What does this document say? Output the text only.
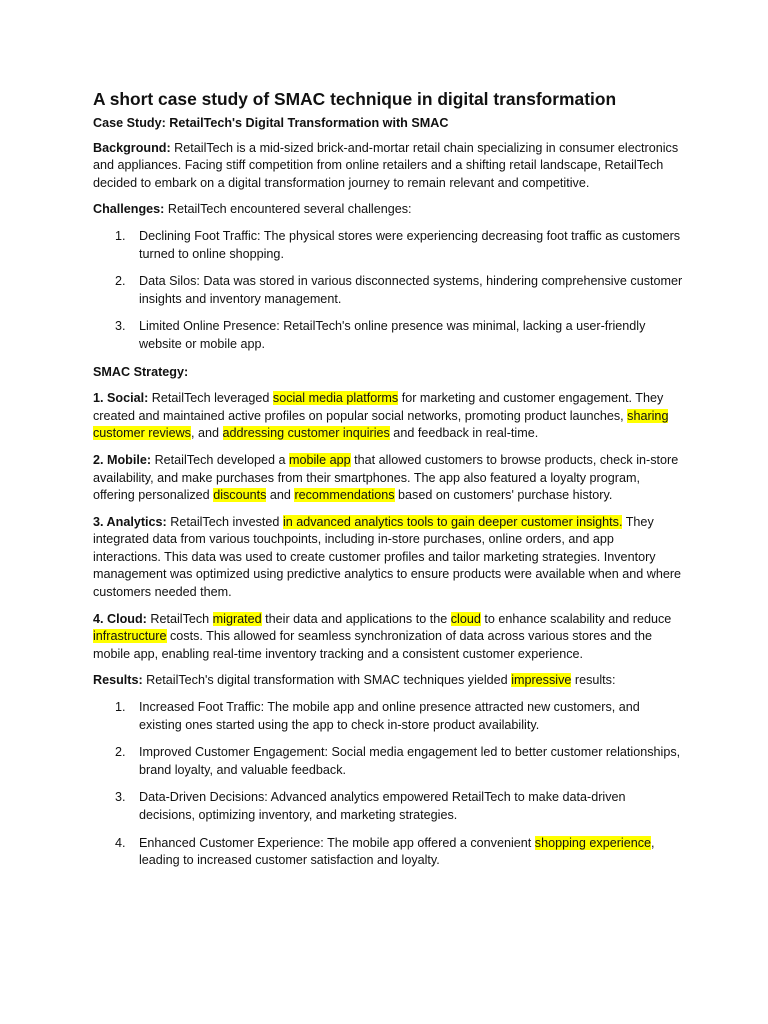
A short case study of SMAC technique in digital transformation
Case Study: RetailTech's Digital Transformation with SMAC

Background: RetailTech is a mid-sized brick-and-mortar retail chain specializing in consumer electronics and appliances. Facing stiff competition from online retailers and a shifting retail landscape, RetailTech decided to embark on a digital transformation journey to remain relevant and competitive.

Challenges: RetailTech encountered several challenges:

1. Declining Foot Traffic: The physical stores were experiencing decreasing foot traffic as customers turned to online shopping.
2. Data Silos: Data was stored in various disconnected systems, hindering comprehensive customer insights and inventory management.
3. Limited Online Presence: RetailTech's online presence was minimal, lacking a user-friendly website or mobile app.

SMAC Strategy:

1. Social: RetailTech leveraged social media platforms for marketing and customer engagement. They created and maintained active profiles on popular social networks, promoting product launches, sharing customer reviews, and addressing customer inquiries and feedback in real-time.

2. Mobile: RetailTech developed a mobile app that allowed customers to browse products, check in-store availability, and make purchases from their smartphones. The app also featured a loyalty program, offering personalized discounts and recommendations based on customers' purchase history.

3. Analytics: RetailTech invested in advanced analytics tools to gain deeper customer insights. They integrated data from various touchpoints, including in-store purchases, online orders, and app interactions. This data was used to create customer profiles and tailor marketing strategies. Inventory management was optimized using predictive analytics to ensure products were available when and where customers needed them.

4. Cloud: RetailTech migrated their data and applications to the cloud to enhance scalability and reduce infrastructure costs. This allowed for seamless synchronization of data across various stores and the mobile app, enabling real-time inventory tracking and a consistent customer experience.

Results: RetailTech's digital transformation with SMAC techniques yielded impressive results:

1. Increased Foot Traffic: The mobile app and online presence attracted new customers, and existing ones started using the app to check in-store product availability.
2. Improved Customer Engagement: Social media engagement led to better customer relationships, brand loyalty, and valuable feedback.
3. Data-Driven Decisions: Advanced analytics empowered RetailTech to make data-driven decisions, optimizing inventory, and marketing strategies.
4. Enhanced Customer Experience: The mobile app offered a convenient shopping experience, leading to increased customer satisfaction and loyalty.
